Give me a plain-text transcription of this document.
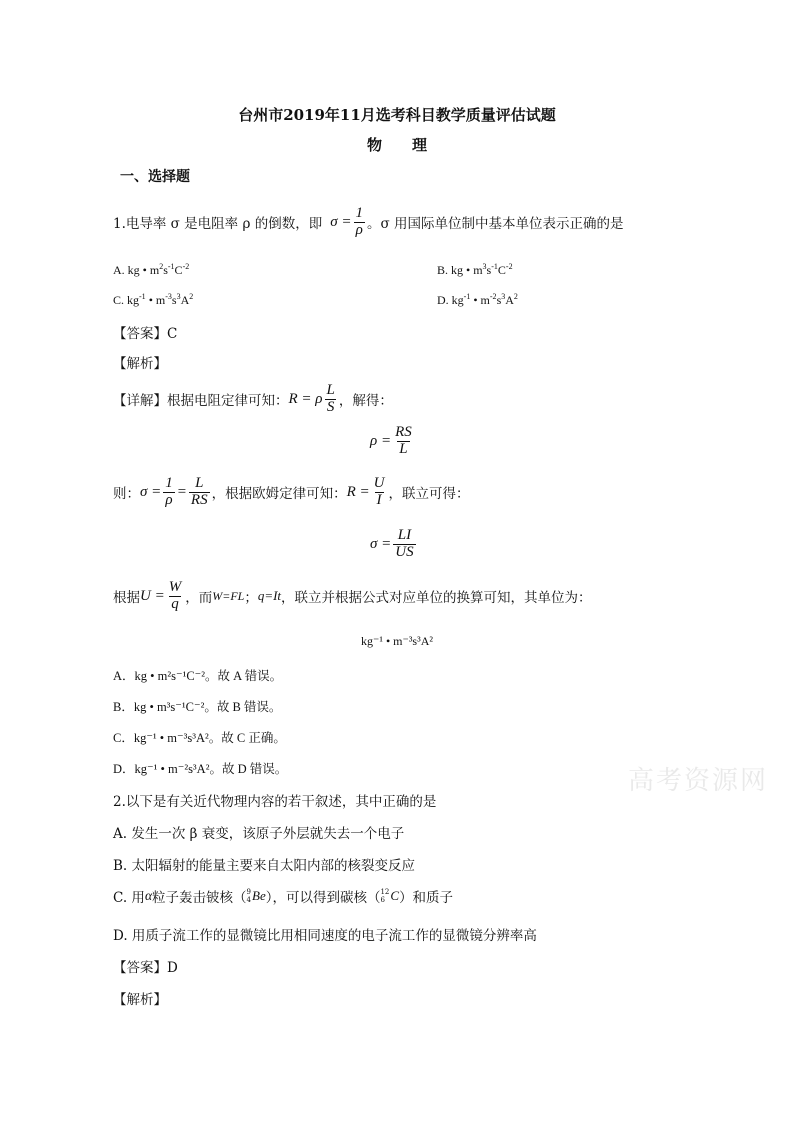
台州市2019年11月选考科目教学质量评估试题
物　　理
一、选择题
1.电导率 σ 是电阻率 ρ 的倒数，即 $\sigma = \frac{1}{\rho}$ 。 σ 用国际单位制中基本单位表示正确的是
A. kg • $m^2s^{-1}C^{-2}$	B. kg • $m^3s^{-1}C^{-2}$
C. $kg^{-1}$ • $m^{-3}s^3A^2$	D. $kg^{-1}$ • $m^{-2}s^3A^2$
【答案】C
【解析】
【详解】根据电阻定律可知： R = ρ $\frac{L}{S}$ ，解得：
$\rho = \frac{RS}{L}$
则： $\sigma = \frac{1}{\rho} = \frac{L}{RS}$ ，根据欧姆定律可知： $R = \frac{U}{I}$ ，联立可得：
$\sigma = \frac{LI}{US}$
根据 $U = \frac{W}{q}$ ，而 W=FL ； q=It ，联立并根据公式对应单位的换算可知，其单位为：
kg⁻¹ • m⁻³s³A²
A．kg • m²s⁻¹C⁻²。故 A 错误。
B．kg • m³s⁻¹C⁻²。故 B 错误。
C．kg⁻¹ • m⁻³s³A²。故 C 正确。
D．kg⁻¹ • m⁻²s³A²。故 D 错误。	高考资源网
2.以下是有关近代物理内容的若干叙述，其中正确的是
A. 发生一次 β 衰变，该原子外层就失去一个电子
B. 太阳辐射的能量主要来自太阳内部的核裂变反应
C. 用 α 粒子轰击铍核（ 9
4 Be ），可以得到碳核（ 12
6 C ）和质子
D. 用质子流工作的显微镜比用相同速度的电子流工作的显微镜分辨率高
【答案】D
【解析】
